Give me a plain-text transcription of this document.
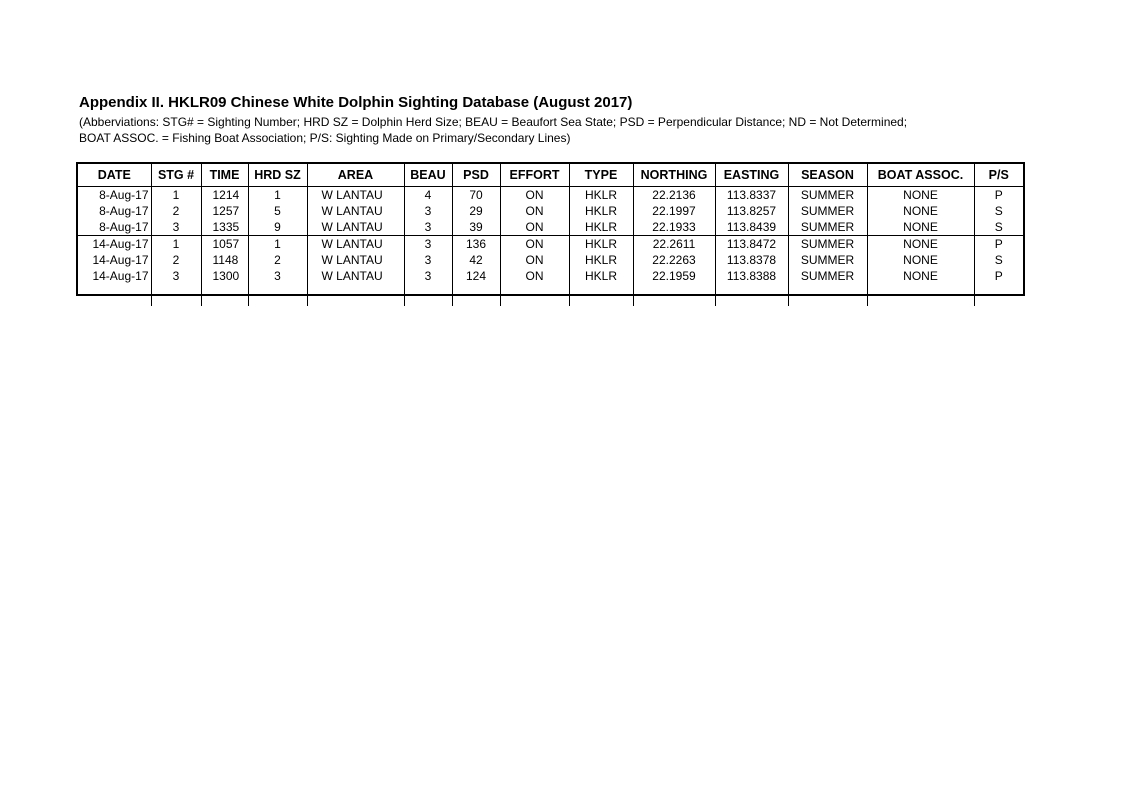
Appendix II. HKLR09 Chinese White Dolphin Sighting Database (August 2017)
(Abberviations: STG# = Sighting Number; HRD SZ = Dolphin Herd Size; BEAU = Beaufort Sea State; PSD = Perpendicular Distance; ND = Not Determined;
BOAT ASSOC. = Fishing Boat Association; P/S: Sighting Made on Primary/Secondary Lines)
DATE	STG #	TIME	HRD SZ	AREA	BEAU	PSD	EFFORT	TYPE	NORTHING	EASTING	SEASON	BOAT ASSOC.	P/S
8-Aug-17	1	1214	1	W LANTAU	4	70	ON	HKLR	22.2136	113.8337	SUMMER	NONE	P
8-Aug-17	2	1257	5	W LANTAU	3	29	ON	HKLR	22.1997	113.8257	SUMMER	NONE	S
8-Aug-17	3	1335	9	W LANTAU	3	39	ON	HKLR	22.1933	113.8439	SUMMER	NONE	S
14-Aug-17	1	1057	1	W LANTAU	3	136	ON	HKLR	22.2611	113.8472	SUMMER	NONE	P
14-Aug-17	2	1148	2	W LANTAU	3	42	ON	HKLR	22.2263	113.8378	SUMMER	NONE	S
14-Aug-17	3	1300	3	W LANTAU	3	124	ON	HKLR	22.1959	113.8388	SUMMER	NONE	P
